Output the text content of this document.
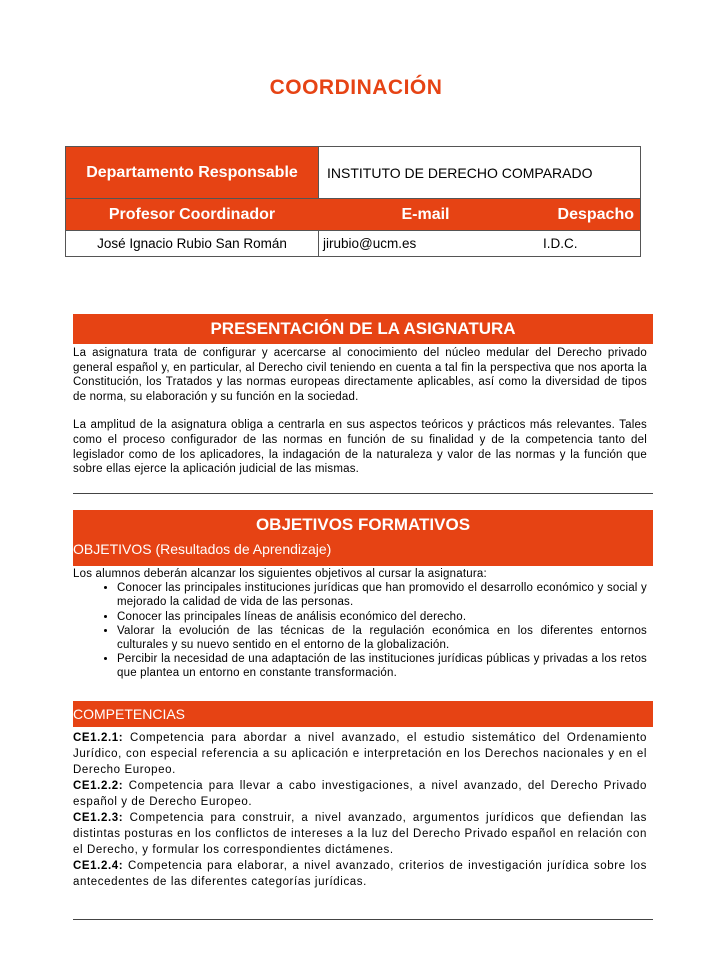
COORDINACIÓN
Departamento Responsable	INSTITUTO DE DERECHO COMPARADO
Profesor Coordinador	E-mail	Despacho
José Ignacio Rubio San Román	jirubio@ucm.es	I.D.C.
PRESENTACIÓN DE LA ASIGNATURA

La asignatura trata de configurar y acercarse al conocimiento del núcleo medular del Derecho privado general español y, en particular, al Derecho civil teniendo en cuenta a tal fin la perspectiva que nos aporta la Constitución, los Tratados y las normas europeas directamente aplicables, así como la diversidad de tipos de norma, su elaboración y su función en la sociedad.

La amplitud de la asignatura obliga a centrarla en sus aspectos teóricos y prácticos más relevantes. Tales como el proceso configurador de las normas en función de su finalidad y de la competencia tanto del legislador como de los aplicadores, la indagación de la naturaleza y valor de las normas y la función que sobre ellas ejerce la aplicación judicial de las mismas.

OBJETIVOS FORMATIVOS
OBJETIVOS (Resultados de Aprendizaje)

Los alumnos deberán alcanzar los siguientes objetivos al cursar la asignatura:

• Conocer las principales instituciones jurídicas que han promovido el desarrollo económico y social y mejorado la calidad de vida de las personas.
• Conocer las principales líneas de análisis económico del derecho.
• Valorar la evolución de las técnicas de la regulación económica en los diferentes entornos culturales y su nuevo sentido en el entorno de la globalización.
• Percibir la necesidad de una adaptación de las instituciones jurídicas públicas y privadas a los retos que plantea un entorno en constante transformación.
COMPETENCIAS

CE1.2.1: Competencia para abordar a nivel avanzado, el estudio sistemático del Ordenamiento Jurídico, con especial referencia a su aplicación e interpretación en los Derechos nacionales y en el Derecho Europeo.

CE1.2.2: Competencia para llevar a cabo investigaciones, a nivel avanzado, del Derecho Privado español y de Derecho Europeo.

CE1.2.3: Competencia para construir, a nivel avanzado, argumentos jurídicos que defiendan las distintas posturas en los conflictos de intereses a la luz del Derecho Privado español en relación con el Derecho, y formular los correspondientes dictámenes.

CE1.2.4: Competencia para elaborar, a nivel avanzado, criterios de investigación jurídica sobre los antecedentes de las diferentes categorías jurídicas.
